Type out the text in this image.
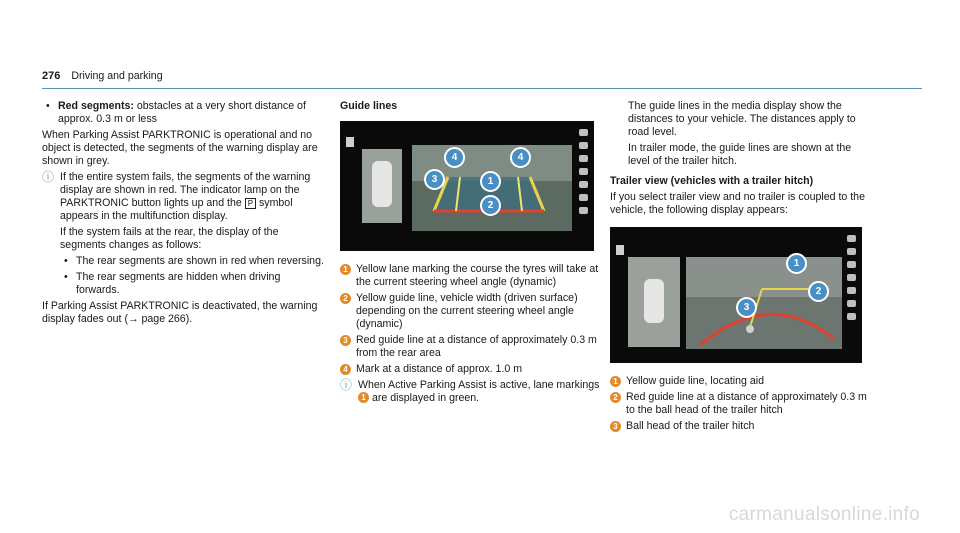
276 Driving and parking

• Red segments: obstacles at a very short distance of approx. 0.3 m or less

When Parking Assist PARKTRONIC is operational and no object is detected, the segments of the warning display are shown in grey.

ⓘ If the entire system fails, the segments of the warning display are shown in red. The indicator lamp on the PARKTRONIC button lights up and the P symbol appears in the multifunction display.

If the system fails at the rear, the display of the segments changes as follows:

• The rear segments are shown in red when reversing.

• The rear segments are hidden when driving forwards.

If Parking Assist PARKTRONIC is deactivated, the warning display fades out (→ page 266).

Guide lines
4	4
3	1
2
1 Yellow lane marking the course the tyres will take at the current steering wheel angle (dynamic)
2 Yellow guide line, vehicle width (driven surface) depending on the current steering wheel angle (dynamic)
3 Red guide line at a distance of approximately 0.3 m from the rear area
4 Mark at a distance of approx. 1.0 m
ⓘ When Active Parking Assist is active, lane markings 1 are displayed in green.

The guide lines in the media display show the distances to your vehicle. The distances apply to road level.

In trailer mode, the guide lines are shown at the level of the trailer hitch.

Trailer view (vehicles with a trailer hitch)

If you select trailer view and no trailer is coupled to the vehicle, the following display appears:

1
2
3
1 Yellow guide line, locating aid
2 Red guide line at a distance of approximately 0.3 m to the ball head of the trailer hitch
3 Ball head of the trailer hitch
carmanualsonline.info
